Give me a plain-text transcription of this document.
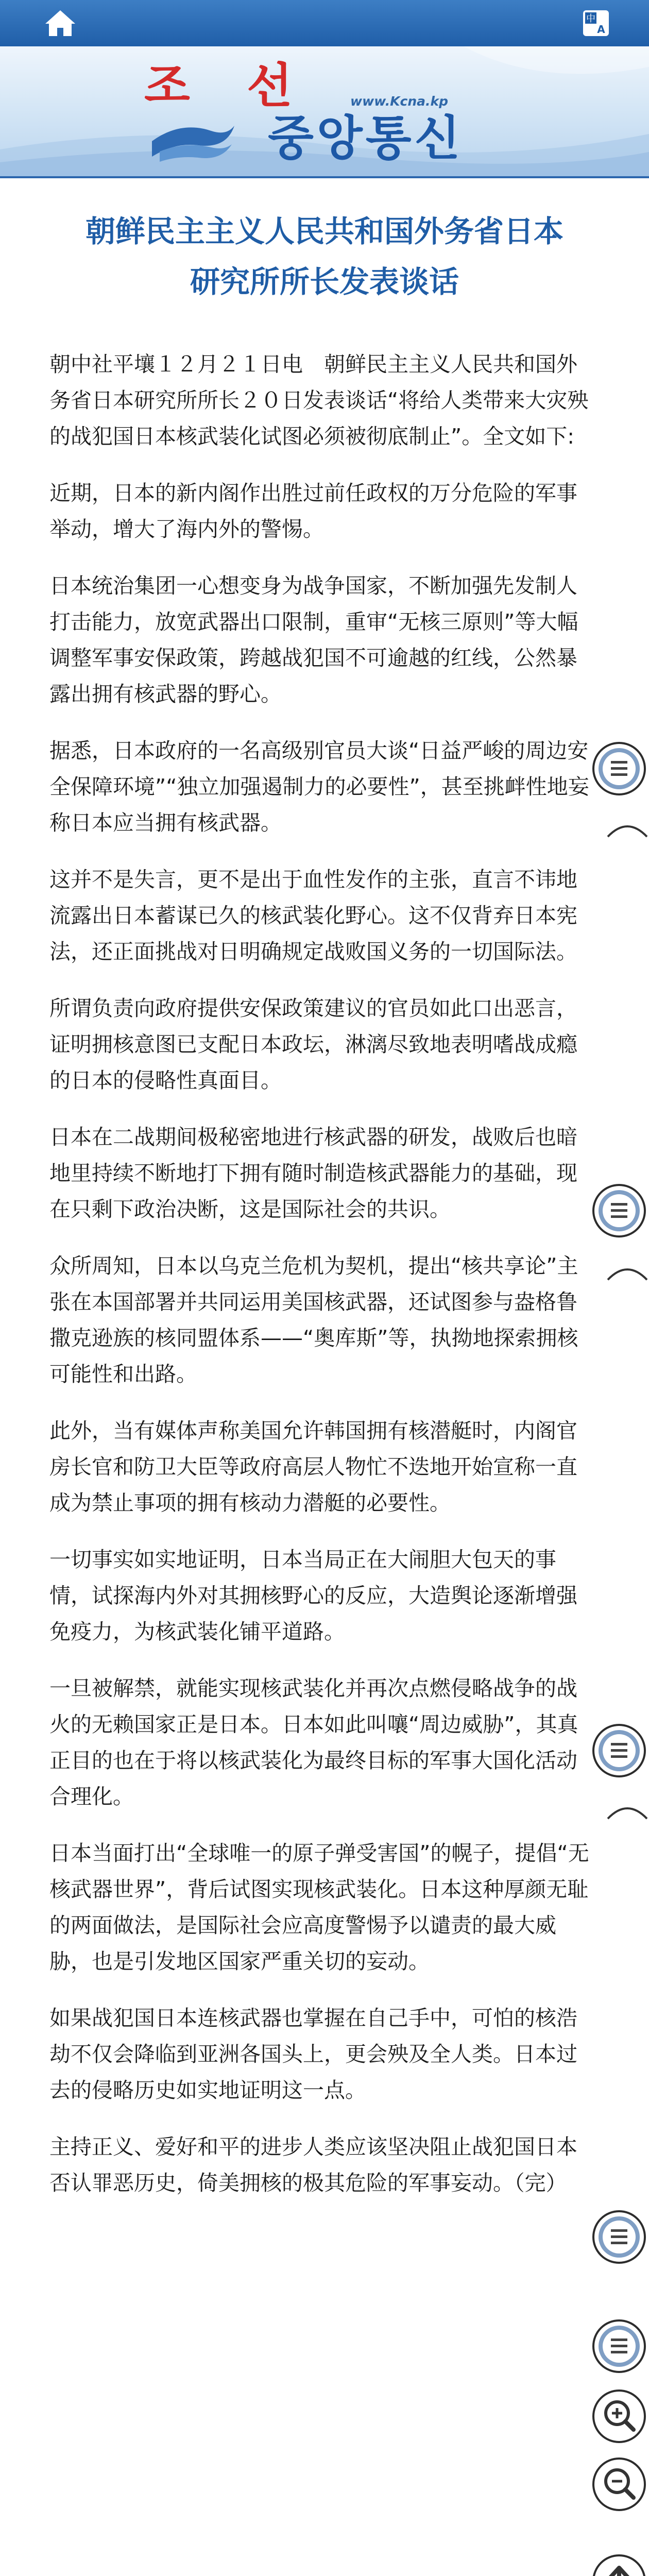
中
A
조선 www.Kcna.kp
중앙통신
朝鲜民主主义人民共和国外务省日本
研究所所长发表谈话

朝中社平壤１２月２１日电　朝鲜民主主义人民共和国外务省日本研究所所长２０日发表谈话“将给人类带来大灾殃的战犯国日本核武装化试图必须被彻底制止”。全文如下:

近期，日本的新内阁作出胜过前任政权的万分危险的军事举动，增大了海内外的警惕。

日本统治集团一心想变身为战争国家，不断加强先发制人打击能力，放宽武器出口限制，重审“无核三原则”等大幅调整军事安保政策，跨越战犯国不可逾越的红线，公然暴露出拥有核武器的野心。

据悉，日本政府的一名高级别官员大谈“日益严峻的周边安全保障环境”“独立加强遏制力的必要性”，甚至挑衅性地妄称日本应当拥有核武器。

这并不是失言，更不是出于血性发作的主张，直言不讳地流露出日本蓄谋已久的核武装化野心。这不仅背弃日本宪法，还正面挑战对日明确规定战败国义务的一切国际法。

所谓负责向政府提供安保政策建议的官员如此口出恶言，证明拥核意图已支配日本政坛，淋漓尽致地表明嗜战成瘾的日本的侵略性真面目。

日本在二战期间极秘密地进行核武器的研发，战败后也暗地里持续不断地打下拥有随时制造核武器能力的基础，现在只剩下政治决断，这是国际社会的共识。

众所周知，日本以乌克兰危机为契机，提出“核共享论”主张在本国部署并共同运用美国核武器，还试图参与盎格鲁撒克逊族的核同盟体系——“奥库斯”等，执拗地探索拥核可能性和出路。

此外，当有媒体声称美国允许韩国拥有核潜艇时，内阁官房长官和防卫大臣等政府高层人物忙不迭地开始宣称一直成为禁止事项的拥有核动力潜艇的必要性。

一切事实如实地证明，日本当局正在大闹胆大包天的事情，试探海内外对其拥核野心的反应，大造舆论逐渐增强免疫力，为核武装化铺平道路。

一旦被解禁，就能实现核武装化并再次点燃侵略战争的战火的无赖国家正是日本。日本如此叫嚷“周边威胁”，其真正目的也在于将以核武装化为最终目标的军事大国化活动合理化。

日本当面打出“全球唯一的原子弹受害国”的幌子，提倡“无核武器世界”，背后试图实现核武装化。日本这种厚颜无耻的两面做法，是国际社会应高度警惕予以谴责的最大威胁，也是引发地区国家严重关切的妄动。

如果战犯国日本连核武器也掌握在自己手中，可怕的核浩劫不仅会降临到亚洲各国头上，更会殃及全人类。日本过去的侵略历史如实地证明这一点。

主持正义、爱好和平的进步人类应该坚决阻止战犯国日本否认罪恶历史，倚美拥核的极其危险的军事妄动。（完）
